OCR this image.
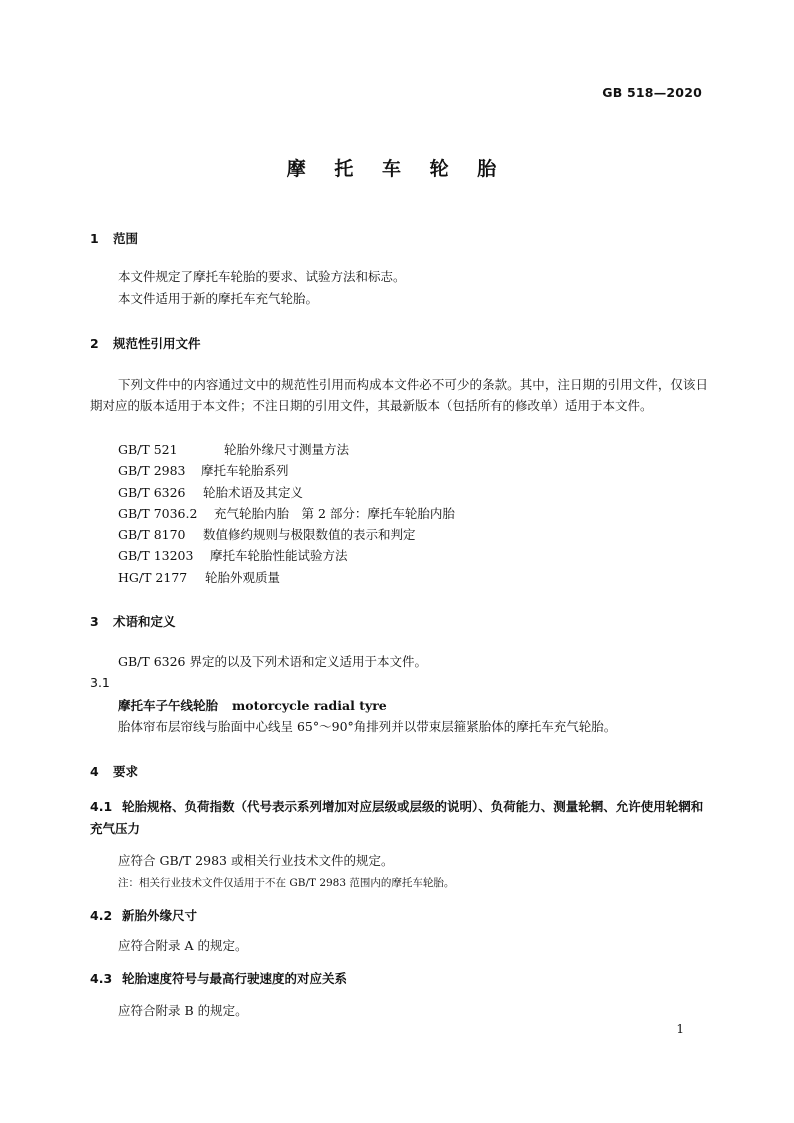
GB 518—2020
摩 托 车 轮 胎
1 范围
本文件规定了摩托车轮胎的要求、试验方法和标志。
本文件适用于新的摩托车充气轮胎。
2 规范性引用文件
下列文件中的内容通过文中的规范性引用而构成本文件必不可少的条款。其中，注日期的引用文件，仅该日期对应的版本适用于本文件；不注日期的引用文件，其最新版本（包括所有的修改单）适用于本文件。
GB/T 521	轮胎外缘尺寸测量方法
GB/T 2983 摩托车轮胎系列
GB/T 6326 轮胎术语及其定义
GB/T 7036.2 充气轮胎内胎　第 2 部分：摩托车轮胎内胎
GB/T 8170 数值修约规则与极限数值的表示和判定
GB/T 13203 摩托车轮胎性能试验方法
HG/T 2177 轮胎外观质量
3 术语和定义
GB/T 6326 界定的以及下列术语和定义适用于本文件。
3.1
摩托车子午线轮胎 motorcycle radial tyre
胎体帘布层帘线与胎面中心线呈 65°～90°角排列并以带束层箍紧胎体的摩托车充气轮胎。
4 要求
4.1 轮胎规格、负荷指数（代号表示系列增加对应层级或层级的说明）、负荷能力、测量轮辋、允许使用轮辋和充气压力
应符合 GB/T 2983 或相关行业技术文件的规定。
注：相关行业技术文件仅适用于不在 GB/T 2983 范围内的摩托车轮胎。
4.2 新胎外缘尺寸
应符合附录 A 的规定。
4.3 轮胎速度符号与最高行驶速度的对应关系
应符合附录 B 的规定。
1
